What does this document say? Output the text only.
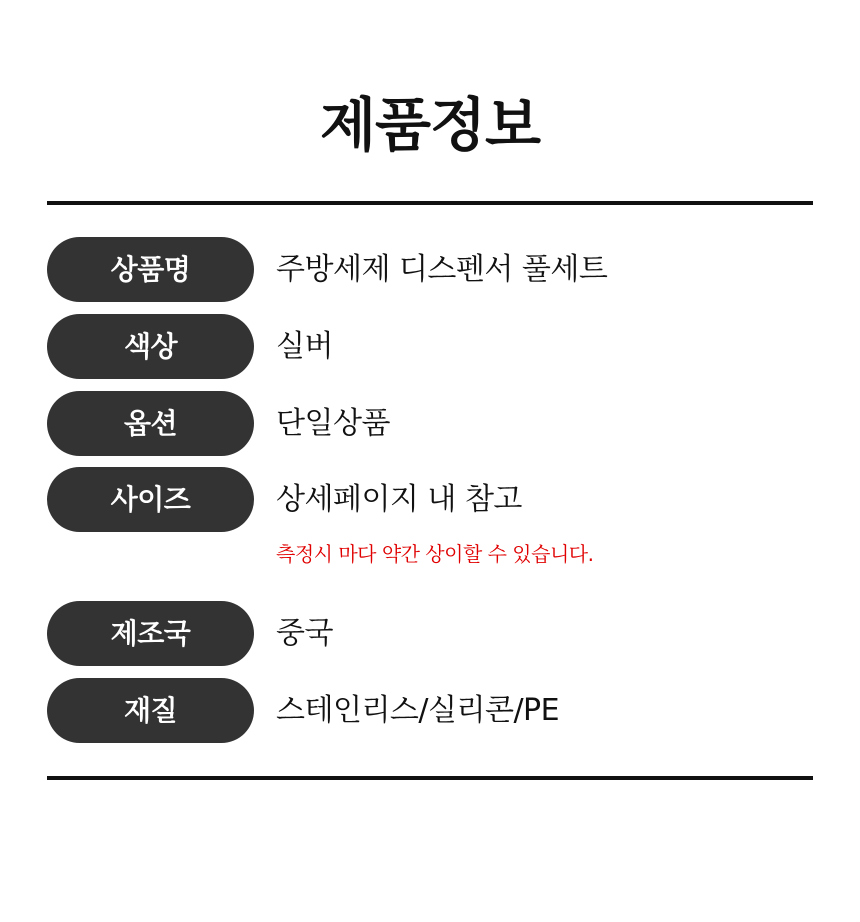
제품정보
상품명	주방세제 디스펜서 풀세트
색상	실버
옵션	단일상품
사이즈	상세페이지 내 참고
측정시 마다 약간 상이할 수 있습니다.
제조국	중국
재질	스테인리스/실리콘/PE
